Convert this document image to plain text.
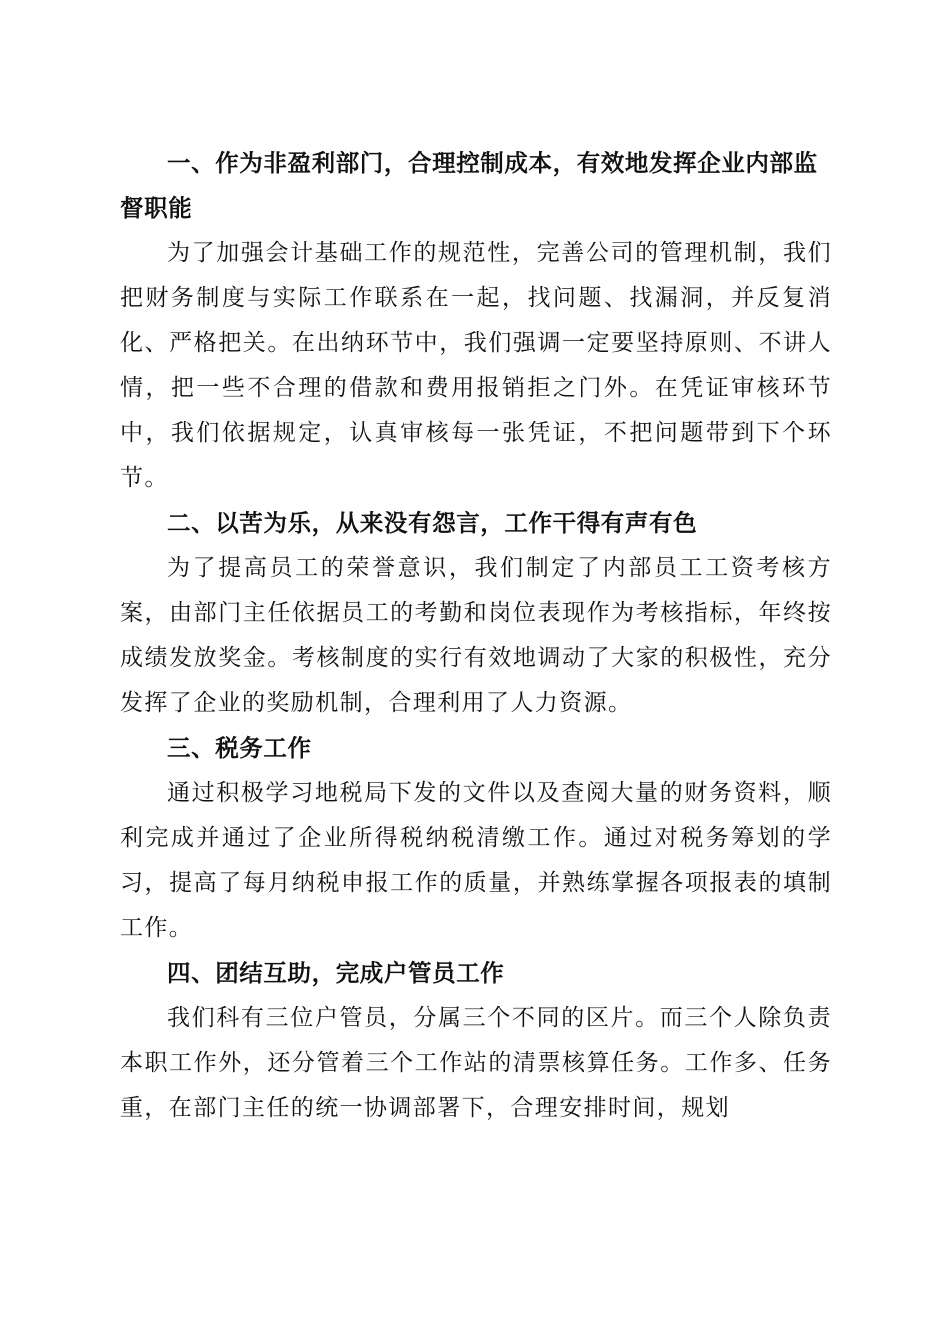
一、作为非盈利部门，合理控制成本，有效地发挥企业内部监督职能

为了加强会计基础工作的规范性，完善公司的管理机制，我们把财务制度与实际工作联系在一起，找问题、找漏洞，并反复消化、严格把关。在出纳环节中，我们强调一定要坚持原则、不讲人情，把一些不合理的借款和费用报销拒之门外。在凭证审核环节中，我们依据规定，认真审核每一张凭证，不把问题带到下个环节。

二、以苦为乐，从来没有怨言，工作干得有声有色

为了提高员工的荣誉意识，我们制定了内部员工工资考核方案，由部门主任依据员工的考勤和岗位表现作为考核指标，年终按成绩发放奖金。考核制度的实行有效地调动了大家的积极性，充分发挥了企业的奖励机制，合理利用了人力资源。

三、税务工作

通过积极学习地税局下发的文件以及查阅大量的财务资料，顺利完成并通过了企业所得税纳税清缴工作。通过对税务筹划的学习，提高了每月纳税申报工作的质量，并熟练掌握各项报表的填制工作。

四、团结互助，完成户管员工作

我们科有三位户管员，分属三个不同的区片。而三个人除负责本职工作外，还分管着三个工作站的清票核算任务。工作多、任务重，在部门主任的统一协调部署下，合理安排时间，规划
